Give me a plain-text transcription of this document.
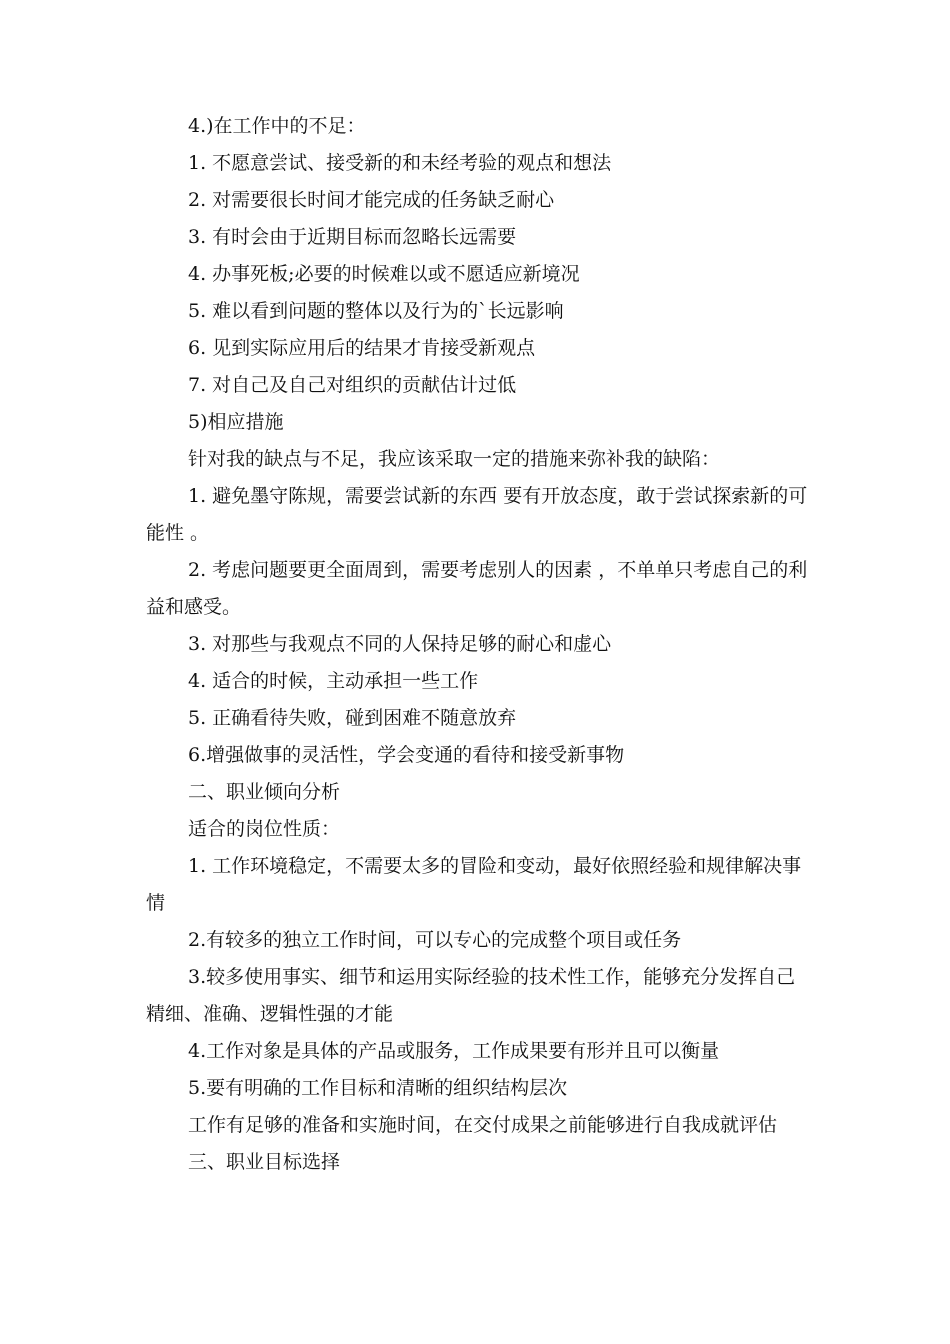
4.)在工作中的不足：

1. 不愿意尝试、接受新的和未经考验的观点和想法

2. 对需要很长时间才能完成的任务缺乏耐心

3. 有时会由于近期目标而忽略长远需要

4. 办事死板;必要的时候难以或不愿适应新境况

5. 难以看到问题的整体以及行为的`长远影响

6. 见到实际应用后的结果才肯接受新观点

7. 对自己及自己对组织的贡献估计过低

5)相应措施

针对我的缺点与不足，我应该采取一定的措施来弥补我的缺陷：

1. 避免墨守陈规，需要尝试新的东西 要有开放态度，敢于尝试探索新的可能性 。

2. 考虑问题要更全面周到，需要考虑别人的因素 ，不单单只考虑自己的利益和感受。

3. 对那些与我观点不同的人保持足够的耐心和虚心

4. 适合的时候，主动承担一些工作

5. 正确看待失败，碰到困难不随意放弃

6.增强做事的灵活性，学会变通的看待和接受新事物

二、职业倾向分析

适合的岗位性质：

1. 工作环境稳定，不需要太多的冒险和变动，最好依照经验和规律解决事情

2.有较多的独立工作时间，可以专心的完成整个项目或任务

3.较多使用事实、细节和运用实际经验的技术性工作，能够充分发挥自己精细、准确、逻辑性强的才能

4.工作对象是具体的产品或服务，工作成果要有形并且可以衡量

5.要有明确的工作目标和清晰的组织结构层次

工作有足够的准备和实施时间，在交付成果之前能够进行自我成就评估

三、职业目标选择
